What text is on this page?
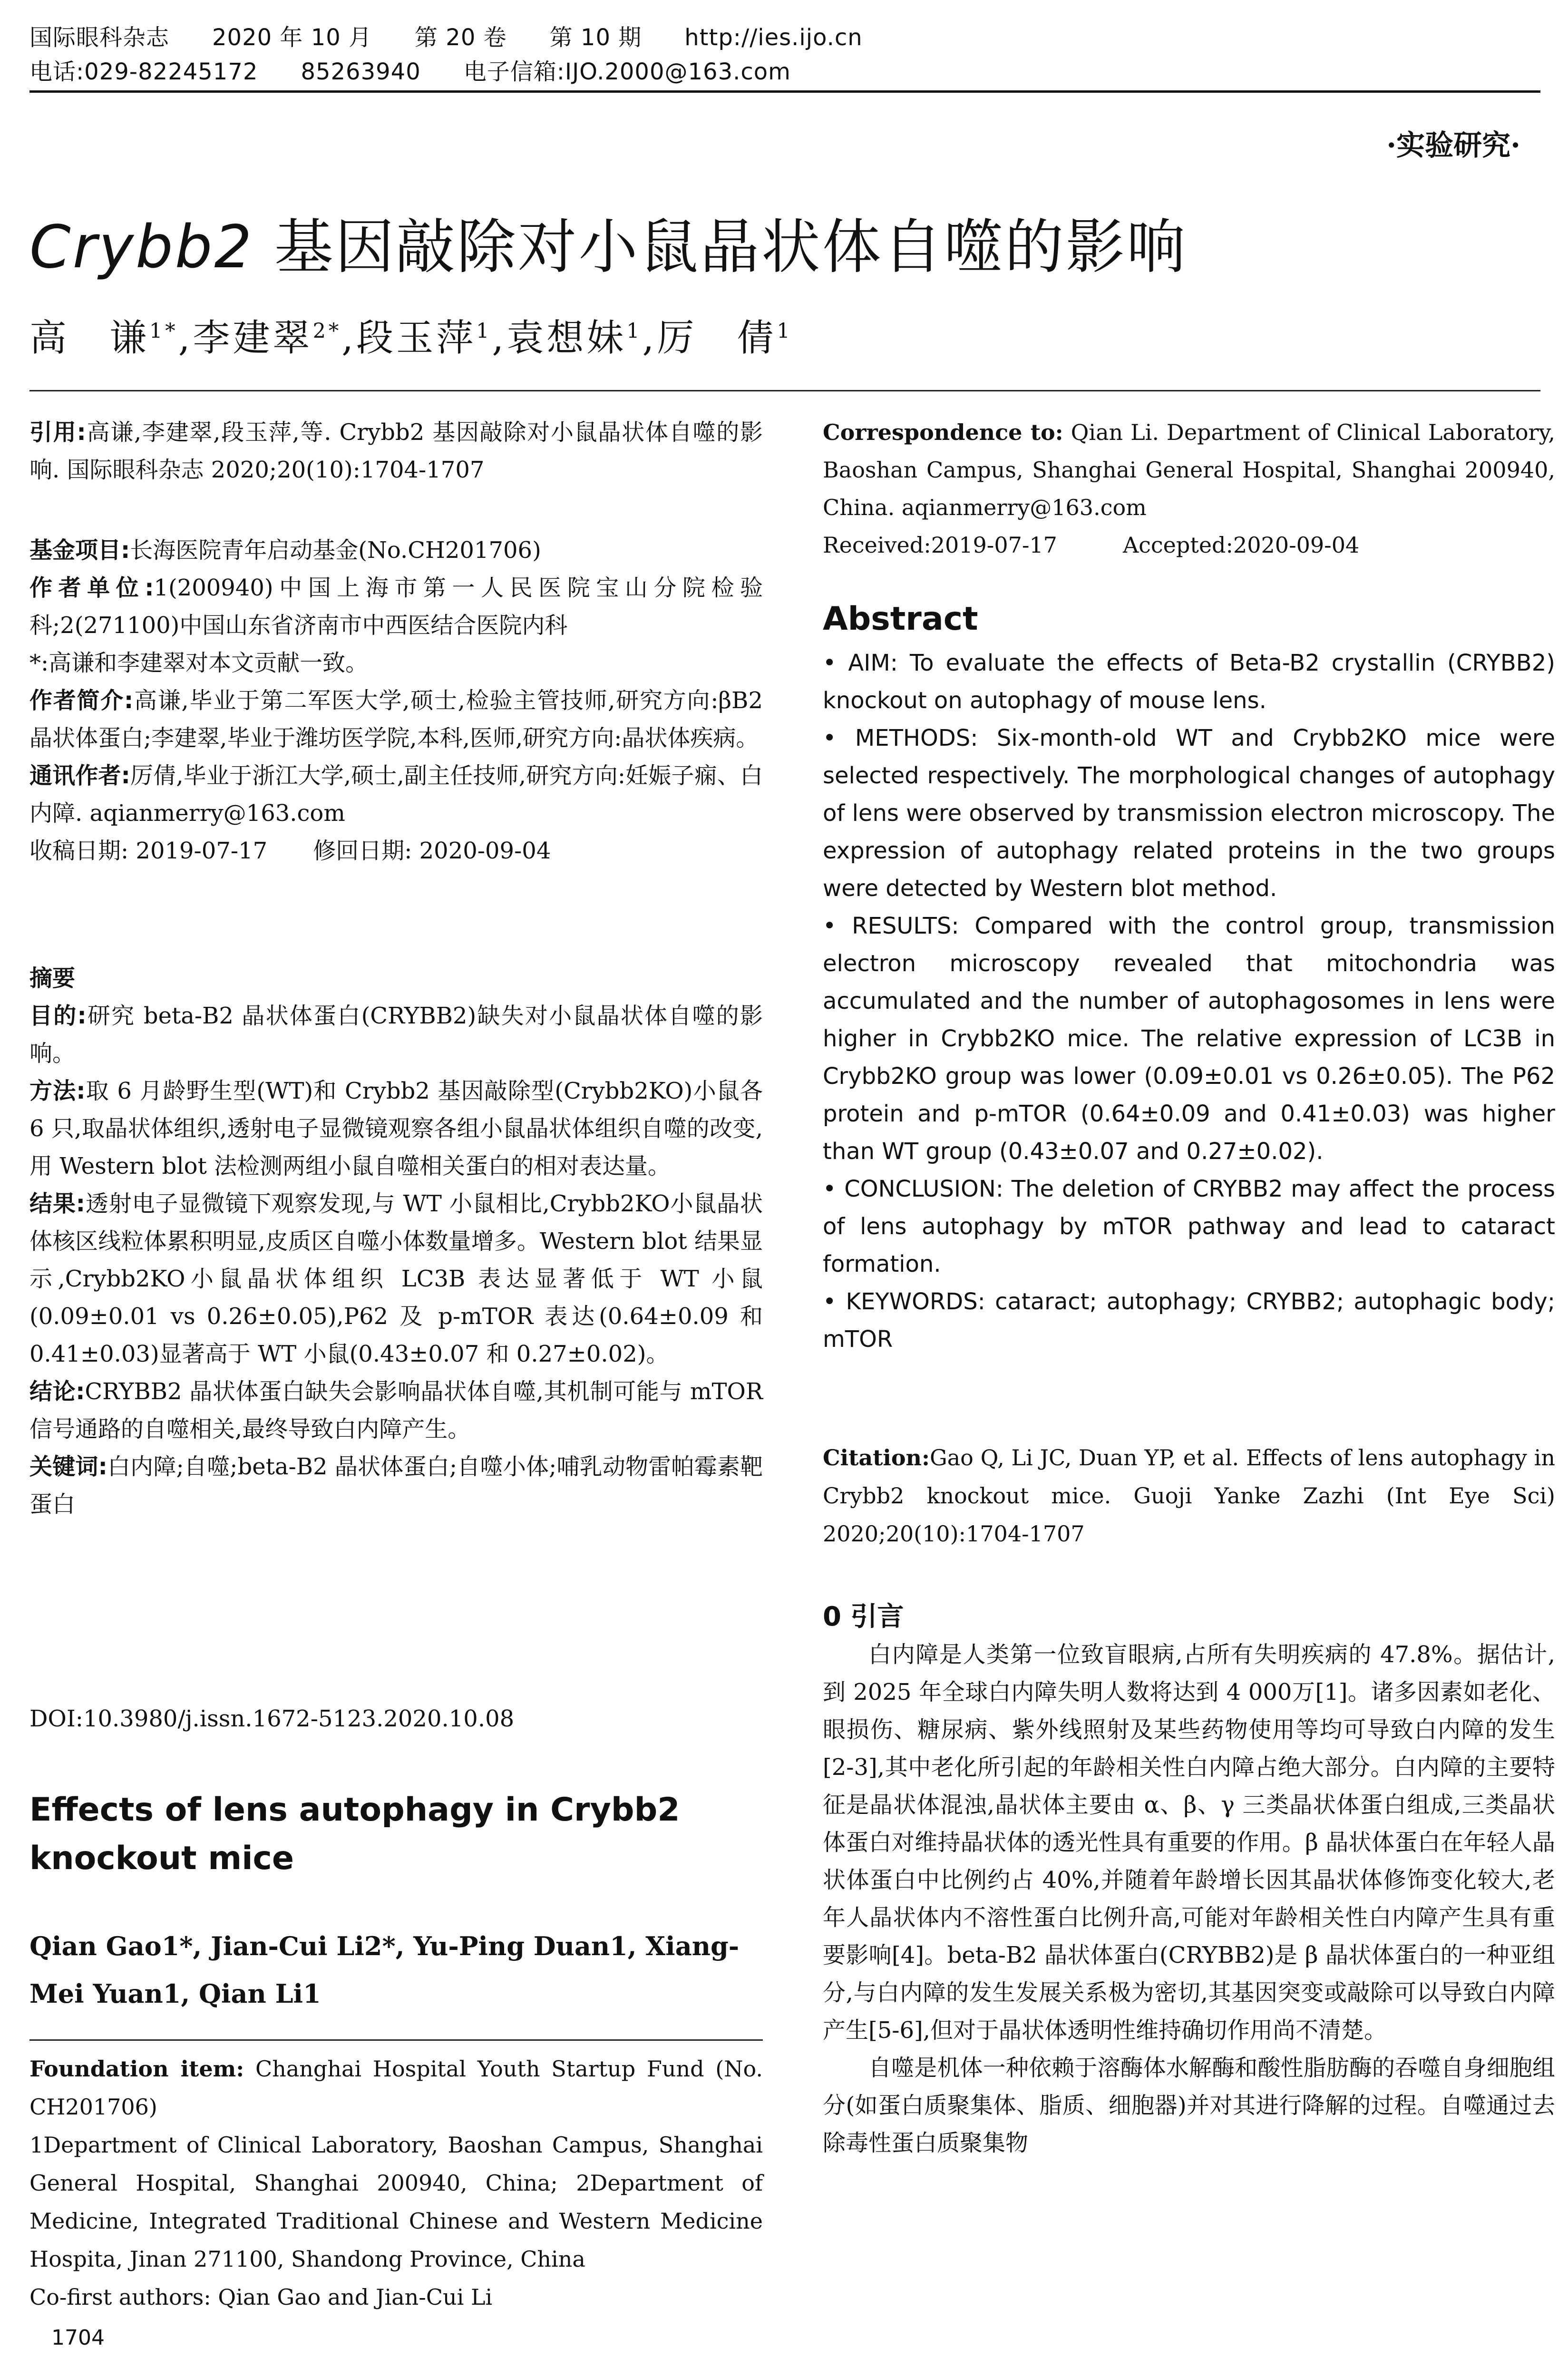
国际眼科杂志 2020 年 10 月 第 20 卷 第 10 期 http://ies.ijo.cn
电话:029-82245172 85263940 电子信箱:IJO.2000@163.com
·实验研究·
Crybb2 基因敲除对小鼠晶状体自噬的影响
高　谦$^{1*}$,李建翠$^{2*}$,段玉萍$^1$,袁想妹$^1$,厉　倩$^1$

引用:高谦,李建翠,段玉萍,等. Crybb2 基因敲除对小鼠晶状体自噬的影响. 国际眼科杂志 2020;20(10):1704-1707

基金项目:长海医院青年启动基金(No.CH201706)

作者单位:1(200940)中国上海市第一人民医院宝山分院检验科;2(271100)中国山东省济南市中西医结合医院内科

*:高谦和李建翠对本文贡献一致。

作者简介:高谦,毕业于第二军医大学,硕士,检验主管技师,研究方向:βB2 晶状体蛋白;李建翠,毕业于潍坊医学院,本科,医师,研究方向:晶状体疾病。

通讯作者:厉倩,毕业于浙江大学,硕士,副主任技师,研究方向:妊娠子痫、白内障. aqianmerry@163.com

收稿日期: 2019-07-17　　 修回日期: 2020-09-04

摘要

目的:研究 beta-B2 晶状体蛋白(CRYBB2)缺失对小鼠晶状体自噬的影响。

方法:取 6 月龄野生型(WT)和 Crybb2 基因敲除型(Crybb2KO)小鼠各 6 只,取晶状体组织,透射电子显微镜观察各组小鼠晶状体组织自噬的改变,用 Western blot 法检测两组小鼠自噬相关蛋白的相对表达量。

结果:透射电子显微镜下观察发现,与 WT 小鼠相比,Crybb2KO小鼠晶状体核区线粒体累积明显,皮质区自噬小体数量增多。Western blot 结果显示,Crybb2KO小鼠晶状体组织 LC3B 表达显著低于 WT 小鼠(0.09±0.01 vs 0.26±0.05),P62 及 p-mTOR 表达(0.64±0.09 和 0.41±0.03)显著高于 WT 小鼠(0.43±0.07 和 0.27±0.02)。

结论:CRYBB2 晶状体蛋白缺失会影响晶状体自噬,其机制可能与 mTOR 信号通路的自噬相关,最终导致白内障产生。

关键词:白内障;自噬;beta-B2 晶状体蛋白;自噬小体;哺乳动物雷帕霉素靶蛋白

DOI:10.3980/j.issn.1672-5123.2020.10.08
Effects of lens autophagy in Crybb2 knockout mice
Qian Gao1*, Jian-Cui Li2*, Yu-Ping Duan1, Xiang-Mei Yuan1, Qian Li1

Foundation item: Changhai Hospital Youth Startup Fund (No. CH201706)

1Department of Clinical Laboratory, Baoshan Campus, Shanghai General Hospital, Shanghai 200940, China; 2Department of Medicine, Integrated Traditional Chinese and Western Medicine Hospita, Jinan 271100, Shandong Province, China

Co-first authors: Qian Gao and Jian-Cui Li

Correspondence to: Qian Li. Department of Clinical Laboratory, Baoshan Campus, Shanghai General Hospital, Shanghai 200940, China. aqianmerry@163.com

Received:2019-07-17　　　	Accepted:2020-09-04

Abstract

• AIM: To evaluate the effects of Beta-B2 crystallin (CRYBB2) knockout on autophagy of mouse lens.

• METHODS: Six-month-old WT and Crybb2KO mice were selected respectively. The morphological changes of autophagy of lens were observed by transmission electron microscopy. The expression of autophagy related proteins in the two groups were detected by Western blot method.

• RESULTS: Compared with the control group, transmission electron microscopy revealed that mitochondria was accumulated and the number of autophagosomes in lens were higher in Crybb2KO mice. The relative expression of LC3B in Crybb2KO group was lower (0.09±0.01 vs 0.26±0.05). The P62 protein and p-mTOR (0.64±0.09 and 0.41±0.03) was higher than WT group (0.43±0.07 and 0.27±0.02).

• CONCLUSION: The deletion of CRYBB2 may affect the process of lens autophagy by mTOR pathway and lead to cataract formation.

• KEYWORDS: cataract; autophagy; CRYBB2; autophagic body; mTOR

Citation:Gao Q, Li JC, Duan YP, et al. Effects of lens autophagy in Crybb2 knockout mice. Guoji Yanke Zazhi (Int Eye Sci) 2020;20(10):1704-1707

0 引言

白内障是人类第一位致盲眼病,占所有失明疾病的 47.8%。据估计,到 2025 年全球白内障失明人数将达到 4 000万[1]。诸多因素如老化、眼损伤、糖尿病、紫外线照射及某些药物使用等均可导致白内障的发生[2-3],其中老化所引起的年龄相关性白内障占绝大部分。白内障的主要特征是晶状体混浊,晶状体主要由 α、β、γ 三类晶状体蛋白组成,三类晶状体蛋白对维持晶状体的透光性具有重要的作用。β 晶状体蛋白在年轻人晶状体蛋白中比例约占 40%,并随着年龄增长因其晶状体修饰变化较大,老年人晶状体内不溶性蛋白比例升高,可能对年龄相关性白内障产生具有重要影响[4]。beta-B2 晶状体蛋白(CRYBB2)是 β 晶状体蛋白的一种亚组分,与白内障的发生发展关系极为密切,其基因突变或敲除可以导致白内障产生[5-6],但对于晶状体透明性维持确切作用尚不清楚。

自噬是机体一种依赖于溶酶体水解酶和酸性脂肪酶的吞噬自身细胞组分(如蛋白质聚集体、脂质、细胞器)并对其进行降解的过程。自噬通过去除毒性蛋白质聚集物

1704
